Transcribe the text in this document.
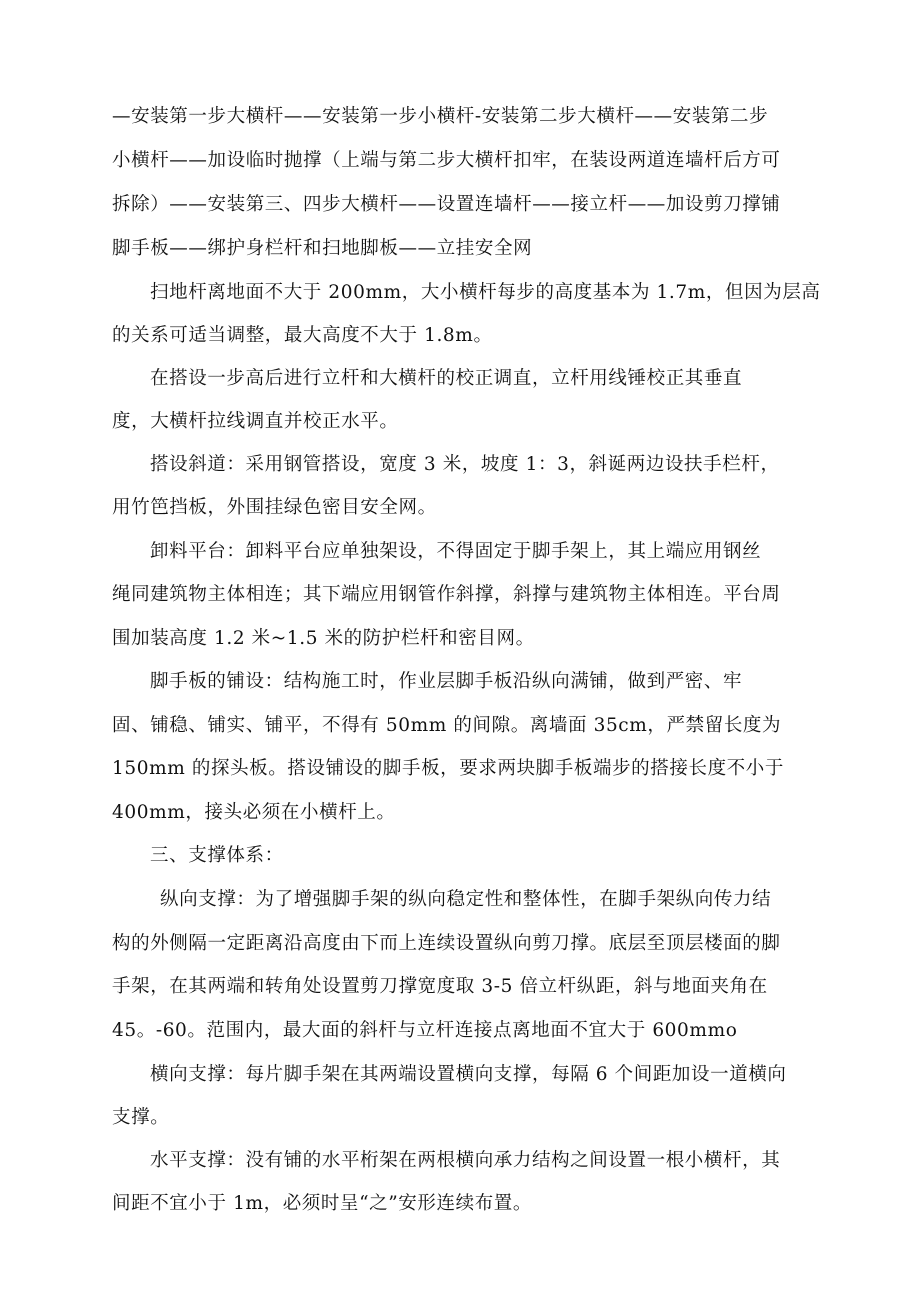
—安装第一步大横杆——安装第一步小横杆-安装第二步大横杆——安装第二步
小横杆——加设临时抛撑（上端与第二步大横杆扣牢，在装设两道连墙杆后方可
拆除）——安装第三、四步大横杆——设置连墙杆——接立杆——加设剪刀撑铺
脚手板——绑护身栏杆和扫地脚板——立挂安全网
扫地杆离地面不大于 200mm，大小横杆每步的高度基本为 1.7m，但因为层高
的关系可适当调整，最大高度不大于 1.8m。
在搭设一步高后进行立杆和大横杆的校正调直，立杆用线锤校正其垂直
度，大横杆拉线调直并校正水平。
搭设斜道：采用钢管搭设，宽度 3 米，坡度 1：3，斜诞两边设扶手栏杆，
用竹笆挡板，外围挂绿色密目安全网。
卸料平台：卸料平台应单独架设，不得固定于脚手架上，其上端应用钢丝
绳同建筑物主体相连；其下端应用钢管作斜撑，斜撑与建筑物主体相连。平台周
围加装高度 1.2 米~1.5 米的防护栏杆和密目网。
脚手板的铺设：结构施工时，作业层脚手板沿纵向满铺，做到严密、牢
固、铺稳、铺实、铺平，不得有 50mm 的间隙。离墙面 35cm，严禁留长度为
150mm 的探头板。搭设铺设的脚手板，要求两块脚手板端步的搭接长度不小于
400mm，接头必须在小横杆上。
三、支撑体系：
纵向支撑：为了增强脚手架的纵向稳定性和整体性，在脚手架纵向传力结
构的外侧隔一定距离沿高度由下而上连续设置纵向剪刀撑。底层至顶层楼面的脚
手架，在其两端和转角处设置剪刀撑宽度取 3-5 倍立杆纵距，斜与地面夹角在
45。-60。范围内，最大面的斜杆与立杆连接点离地面不宜大于 600mmo
横向支撑：每片脚手架在其两端设置横向支撑，每隔 6 个间距加设一道横向
支撑。
水平支撑：没有铺的水平桁架在两根横向承力结构之间设置一根小横杆，其
间距不宜小于 1m，必须时呈“之”安形连续布置。
